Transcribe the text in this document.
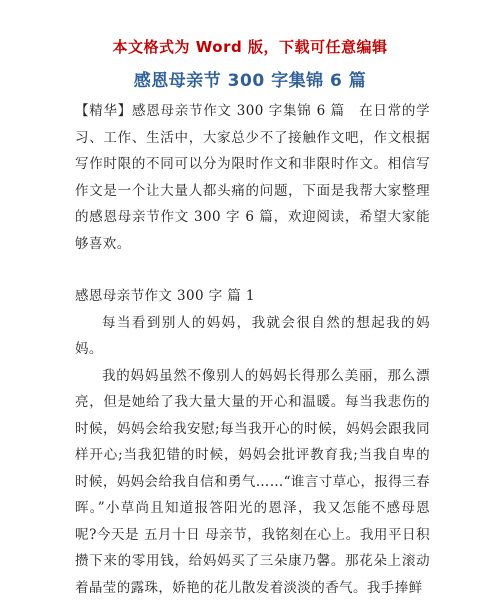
本文格式为 Word 版，下载可任意编辑
感恩母亲节 300 字集锦 6 篇

【精华】感恩母亲节作文 300 字集锦 6 篇　在日常的学习、工作、生活中，大家总少不了接触作文吧，作文根据写作时限的不同可以分为限时作文和非限时作文。相信写作文是一个让大量人都头痛的问题，下面是我帮大家整理的感恩母亲节作文 300 字 6 篇，欢迎阅读，希望大家能够喜欢。

感恩母亲节作文 300 字 篇 1

每当看到别人的妈妈，我就会很自然的想起我的妈妈。

我的妈妈虽然不像别人的妈妈长得那么美丽，那么漂亮，但是她给了我大量大量的开心和温暖。每当我悲伤的时候，妈妈会给我安慰;每当我开心的时候，妈妈会跟我同样开心;当我犯错的时候，妈妈会批评教育我;当我自卑的时候，妈妈会给我自信和勇气……“谁言寸草心，报得三春晖。”小草尚且知道报答阳光的恩泽，我又怎能不感母恩呢?今天是 五月十日 母亲节，我铭刻在心上。我用平日积攒下来的零用钱，给妈妈买了三朵康乃馨。那花朵上滚动着晶莹的露珠，娇艳的花儿散发着淡淡的香气。我手捧鲜
